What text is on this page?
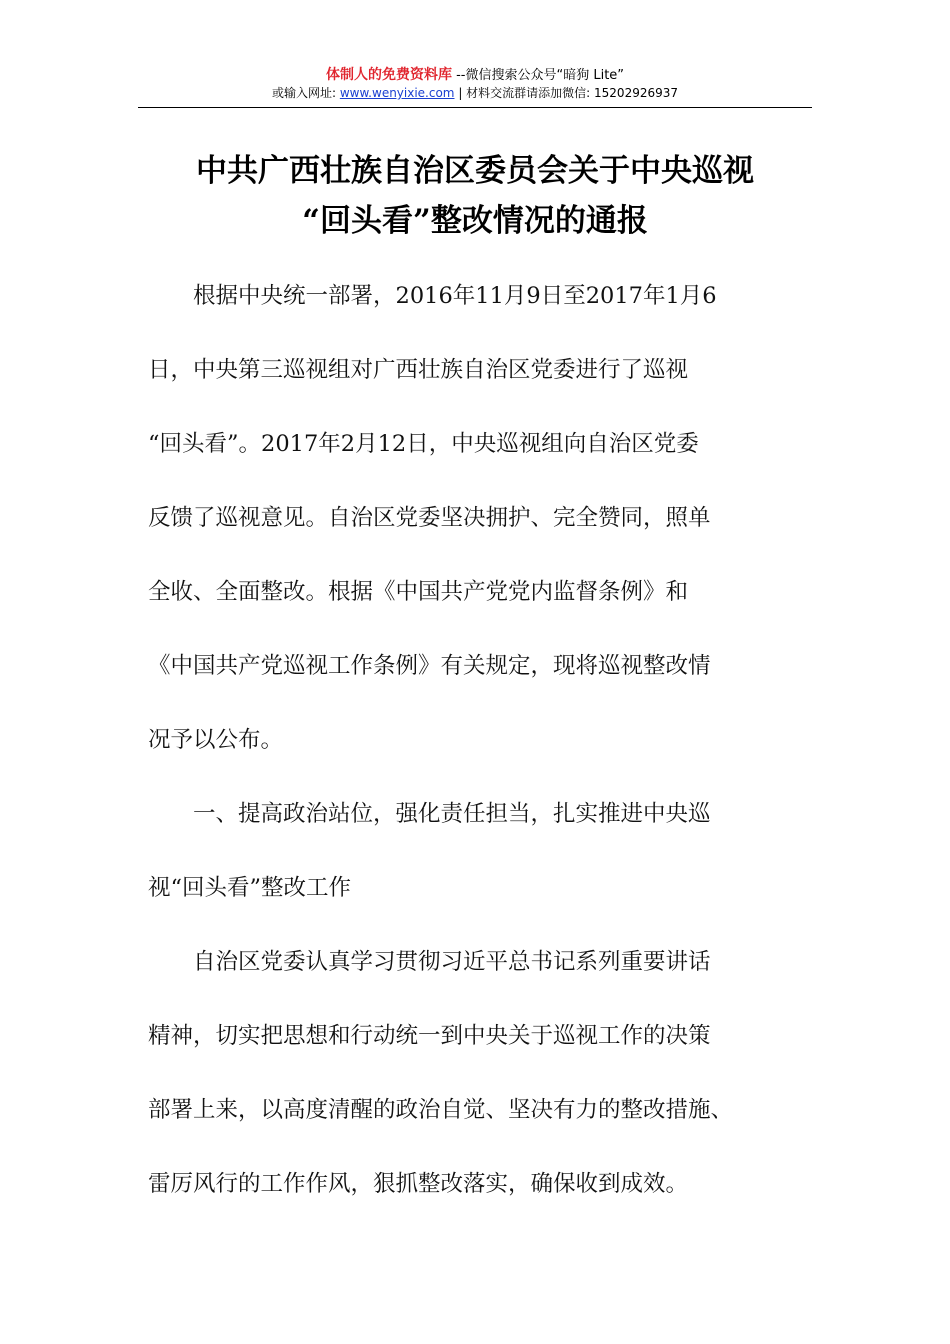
体制人的免费资料库 --微信搜索公众号“暗狗 Lite”
或输入网址: www.wenyixie.com | 材料交流群请添加微信: 15202926937
中共广西壮族自治区委员会关于中央巡视
“回头看”整改情况的通报
　　根据中央统一部署，2016年11月9日至2017年1月6
日，中央第三巡视组对广西壮族自治区党委进行了巡视
“回头看”。2017年2月12日，中央巡视组向自治区党委
反馈了巡视意见。自治区党委坚决拥护、完全赞同，照单
全收、全面整改。根据《中国共产党党内监督条例》和
《中国共产党巡视工作条例》有关规定，现将巡视整改情
况予以公布。
　　一、提高政治站位，强化责任担当，扎实推进中央巡
视“回头看”整改工作
　　自治区党委认真学习贯彻习近平总书记系列重要讲话
精神，切实把思想和行动统一到中央关于巡视工作的决策
部署上来，以高度清醒的政治自觉、坚决有力的整改措施、
雷厉风行的工作作风，狠抓整改落实，确保收到成效。
